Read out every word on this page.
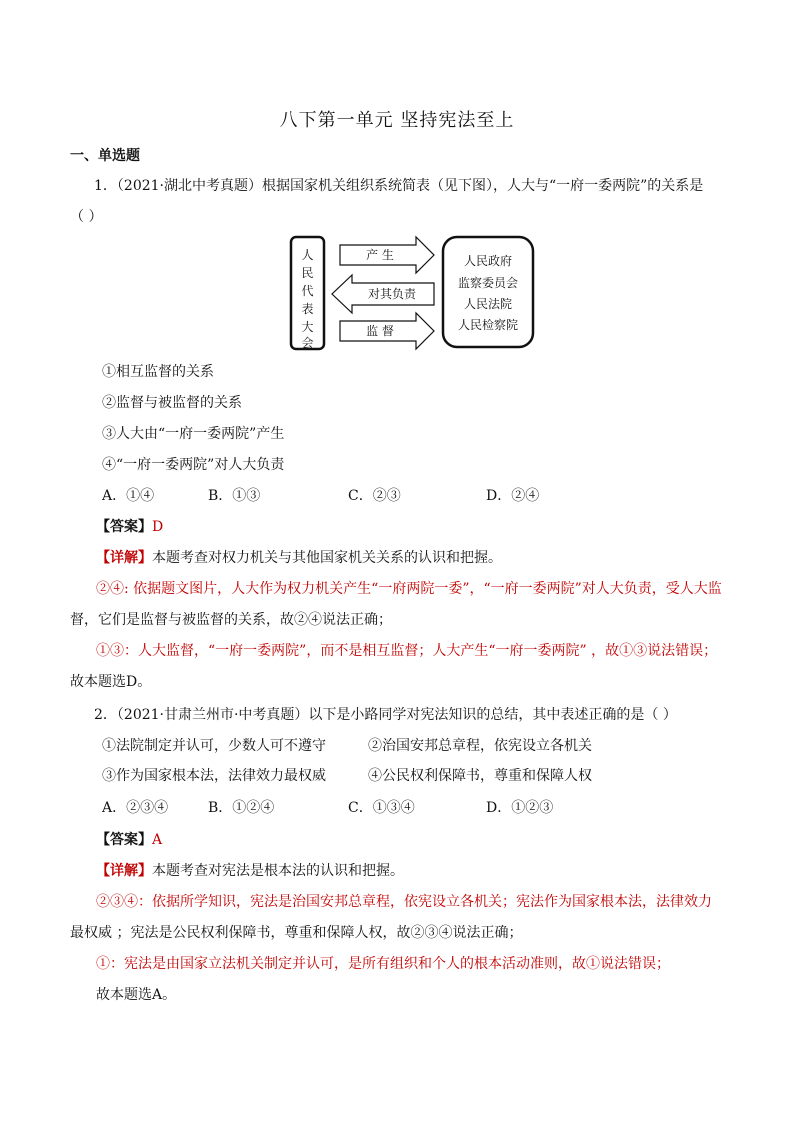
八下第一单元 坚持宪法至上
一、单选题
1．（2021·湖北中考真题）根据国家机关组织系统简表（见下图），人大与“一府一委两院”的关系是
（ ）
人
民
代
表
大
会
产 生
对其负责
监 督
人民政府
监察委员会
人民法院
人民检察院
①相互监督的关系
②监督与被监督的关系
③人大由“一府一委两院”产生
④“一府一委两院”对人大负责
A．①④	B．①③	C．②③	D．②④
【答案】D
【详解】本题考查对权力机关与其他国家机关关系的认识和把握。
②④: 依据题文图片，人大作为权力机关产生“一府两院一委”，“一府一委两院”对人大负责，受人大监
督，它们是监督与被监督的关系，故②④说法正确；
①③：人大监督，“一府一委两院”，而不是相互监督；人大产生“一府一委两院” ，故①③说法错误；
故本题选D。
2．（2021·甘肃兰州市·中考真题）以下是小路同学对宪法知识的总结，其中表述正确的是（ ）
①法院制定并认可，少数人可不遵守	②治国安邦总章程，依宪设立各机关
③作为国家根本法，法律效力最权威	④公民权利保障书，尊重和保障人权
A．②③④	B．①②④	C．①③④	D．①②③
【答案】A
【详解】本题考查对宪法是根本法的认识和把握。
②③④：依据所学知识，宪法是治国安邦总章程，依宪设立各机关；宪法作为国家根本法，法律效力
最权威 ；宪法是公民权利保障书，尊重和保障人权，故②③④说法正确；
①：宪法是由国家立法机关制定并认可，是所有组织和个人的根本活动准则，故①说法错误；
故本题选A。
